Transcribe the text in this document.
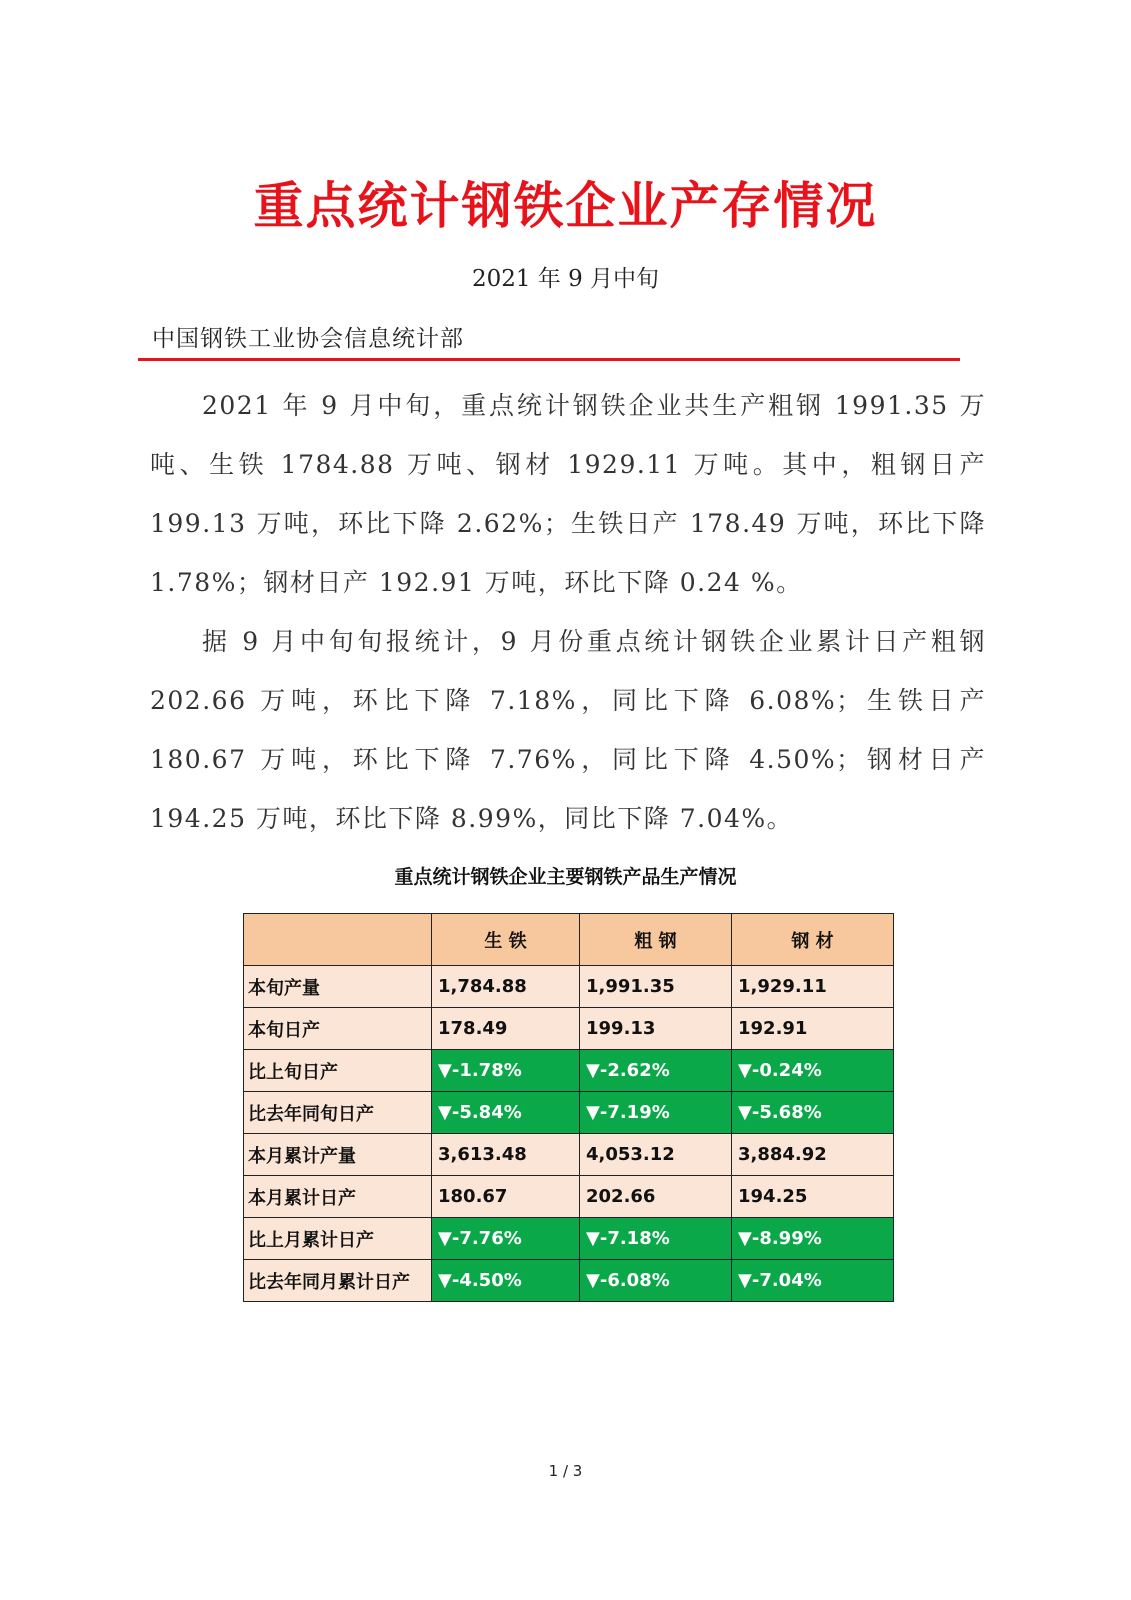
重点统计钢铁企业产存情况
2021 年 9 月中旬
中国钢铁工业协会信息统计部

2021 年 9 月中旬，重点统计钢铁企业共生产粗钢 1991.35 万吨、生铁 1784.88 万吨、钢材 1929.11 万吨。其中，粗钢日产 199.13 万吨，环比下降 2.62%；生铁日产 178.49 万吨，环比下降 1.78%；钢材日产 192.91 万吨，环比下降 0.24 %。

据 9 月中旬旬报统计，9 月份重点统计钢铁企业累计日产粗钢 202.66 万吨，环比下降 7.18%，同比下降 6.08%；生铁日产 180.67 万吨，环比下降 7.76%，同比下降 4.50%；钢材日产 194.25 万吨，环比下降 8.99%，同比下降 7.04%。

重点统计钢铁企业主要钢铁产品生产情况
	生 铁	粗 钢	钢 材
本旬产量	1,784.88	1,991.35	1,929.11
本旬日产	178.49	199.13	192.91
比上旬日产	▼-1.78%	▼-2.62%	▼-0.24%
比去年同旬日产	▼-5.84%	▼-7.19%	▼-5.68%
本月累计产量	3,613.48	4,053.12	3,884.92
本月累计日产	180.67	202.66	194.25
比上月累计日产	▼-7.76%	▼-7.18%	▼-8.99%
比去年同月累计日产	▼-4.50%	▼-6.08%	▼-7.04%
1 / 3
